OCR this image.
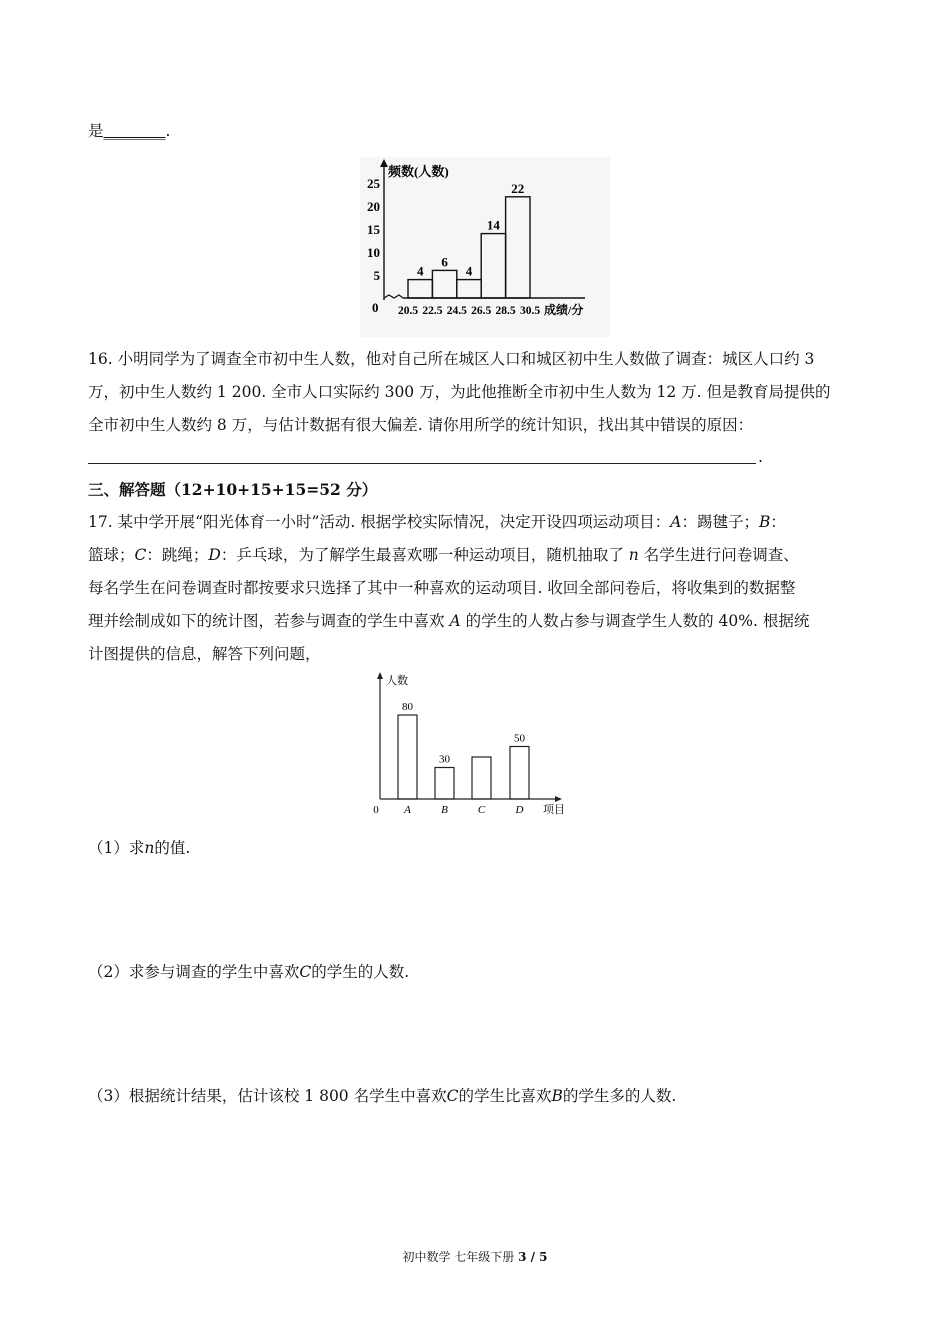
是________.
频数(人数)
0
5
10
15
20
25
4
6
4
14
22
20.5 22.5 24.5 26.5 28.5 30.5 成绩/分
16. 小明同学为了调查全市初中生人数，他对自己所在城区人口和城区初中生人数做了调查：城区人口约 3
万，初中生人数约 1 200. 全市人口实际约 300 万，为此他推断全市初中生人数为 12 万. 但是教育局提供的
全市初中生人数约 8 万，与估计数据有很大偏差. 请你用所学的统计知识，找出其中错误的原因：
.
三、解答题（12+10+15+15=52 分）
17. 某中学开展“阳光体育一小时”活动. 根据学校实际情况，决定开设四项运动项目：A：踢毽子；B：
篮球；C：跳绳；D：乒乓球，为了解学生最喜欢哪一种运动项目，随机抽取了 n 名学生进行问卷调查、
每名学生在问卷调查时都按要求只选择了其中一种喜欢的运动项目. 收回全部问卷后，将收集到的数据整
理并绘制成如下的统计图，若参与调查的学生中喜欢 A 的学生的人数占参与调查学生人数的 40%. 根据统
计图提供的信息，解答下列问题，
人数
0	项目
80
A
30
B	C
50
D
（1）求n的值.
（2）求参与调查的学生中喜欢C的学生的人数.
（3）根据统计结果，估计该校 1 800 名学生中喜欢C的学生比喜欢B的学生多的人数.
初中数学 七年级下册 3 / 5
